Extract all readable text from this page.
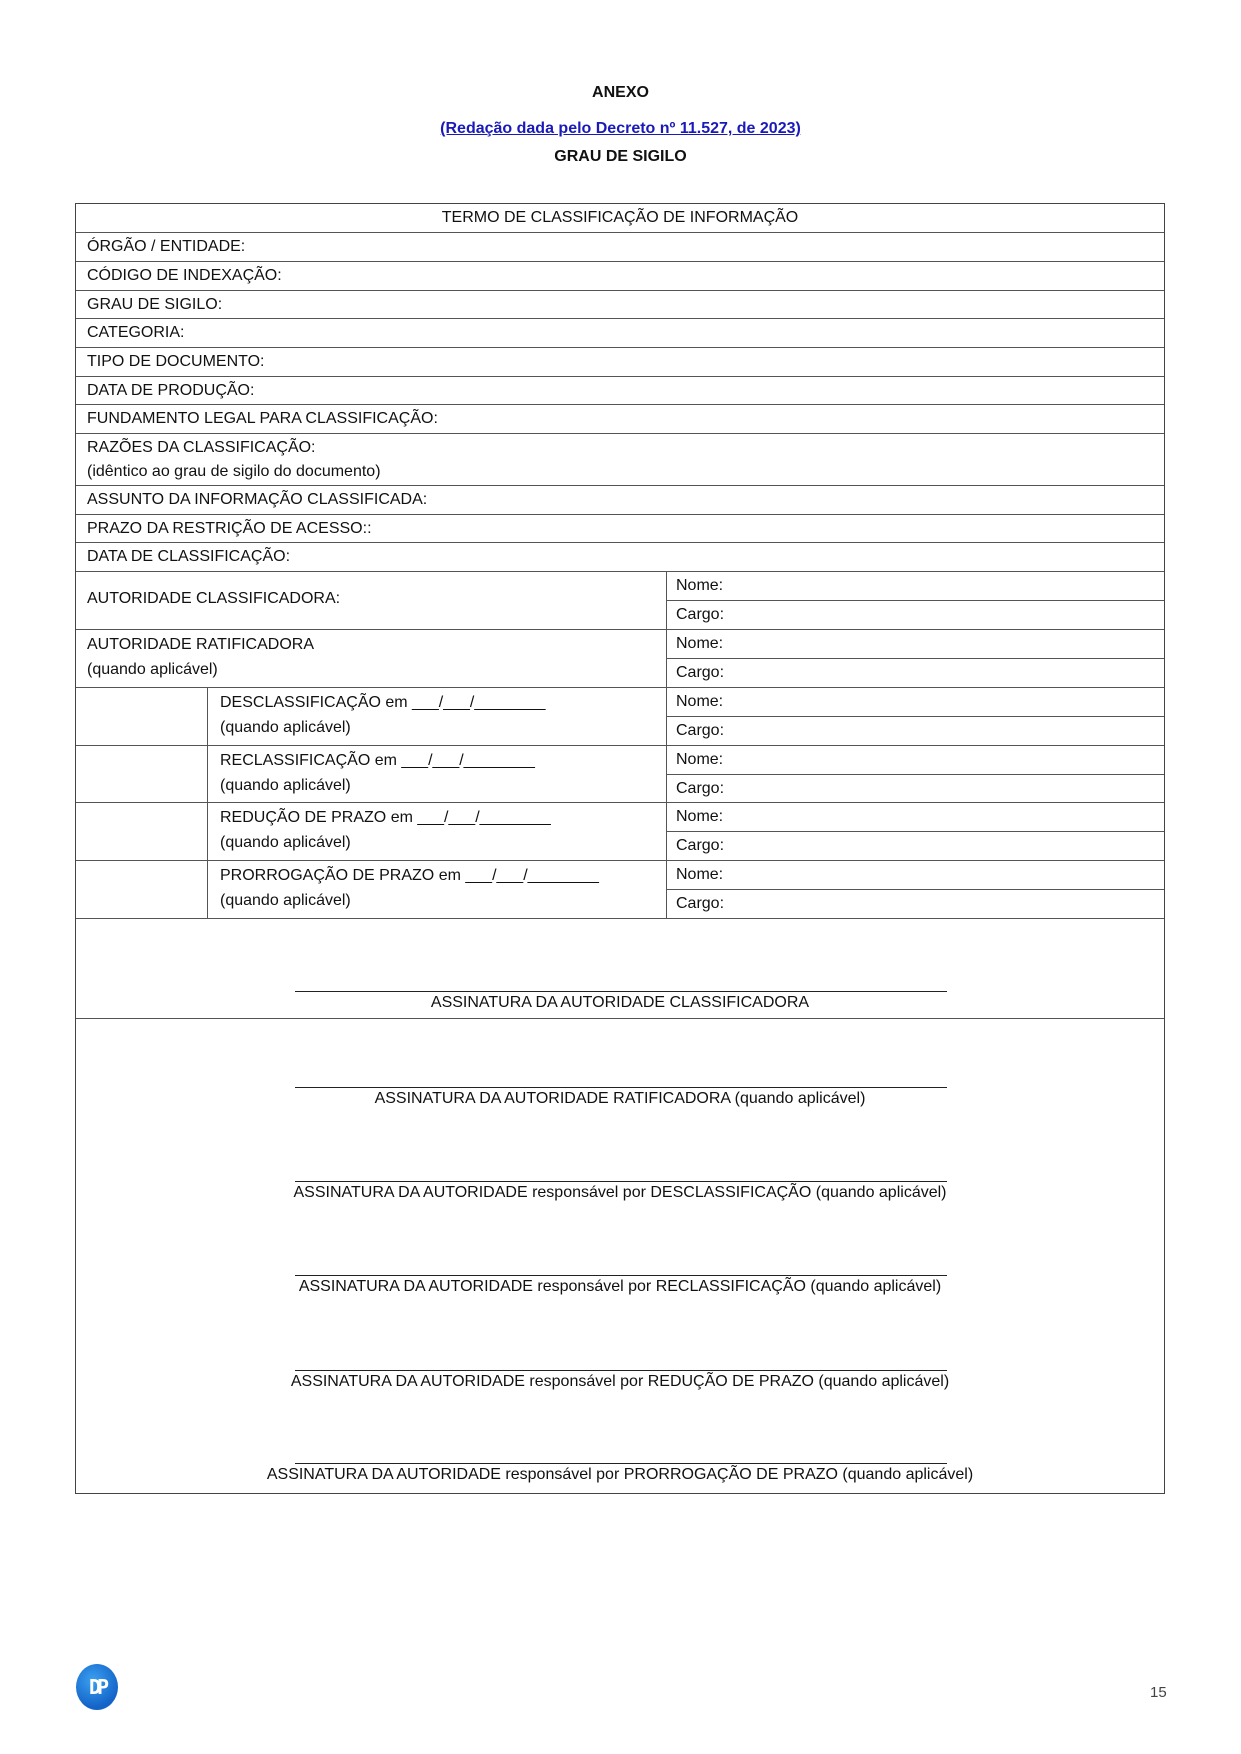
ANEXO
(Redação dada pelo Decreto nº 11.527, de 2023)
GRAU DE SIGILO
TERMO DE CLASSIFICAÇÃO DE INFORMAÇÃO
ÓRGÃO / ENTIDADE:
CÓDIGO DE INDEXAÇÃO:
GRAU DE SIGILO:
CATEGORIA:
TIPO DE DOCUMENTO:
DATA DE PRODUÇÃO:
FUNDAMENTO LEGAL PARA CLASSIFICAÇÃO:
RAZÕES DA CLASSIFICAÇÃO:
(idêntico ao grau de sigilo do documento)
ASSUNTO DA INFORMAÇÃO CLASSIFICADA:
PRAZO DA RESTRIÇÃO DE ACESSO::
DATA DE CLASSIFICAÇÃO:
AUTORIDADE CLASSIFICADORA:
Nome:
Cargo:
AUTORIDADE RATIFICADORA
(quando aplicável)
Nome:
Cargo:
DESCLASSIFICAÇÃO em ___/___/________
(quando aplicável)
Nome:
Cargo:
RECLASSIFICAÇÃO em ___/___/________
(quando aplicável)
Nome:
Cargo:
REDUÇÃO DE PRAZO em ___/___/________
(quando aplicável)
Nome:
Cargo:
PRORROGAÇÃO DE PRAZO em ___/___/________
(quando aplicável)
Nome:
Cargo:
ASSINATURA DA AUTORIDADE CLASSIFICADORA
ASSINATURA DA AUTORIDADE RATIFICADORA (quando aplicável)
ASSINATURA DA AUTORIDADE responsável por DESCLASSIFICAÇÃO (quando aplicável)
ASSINATURA DA AUTORIDADE responsável por RECLASSIFICAÇÃO (quando aplicável)
ASSINATURA DA AUTORIDADE responsável por REDUÇÃO DE PRAZO (quando aplicável)
ASSINATURA DA AUTORIDADE responsável por PRORROGAÇÃO DE PRAZO (quando aplicável)
DP	15
